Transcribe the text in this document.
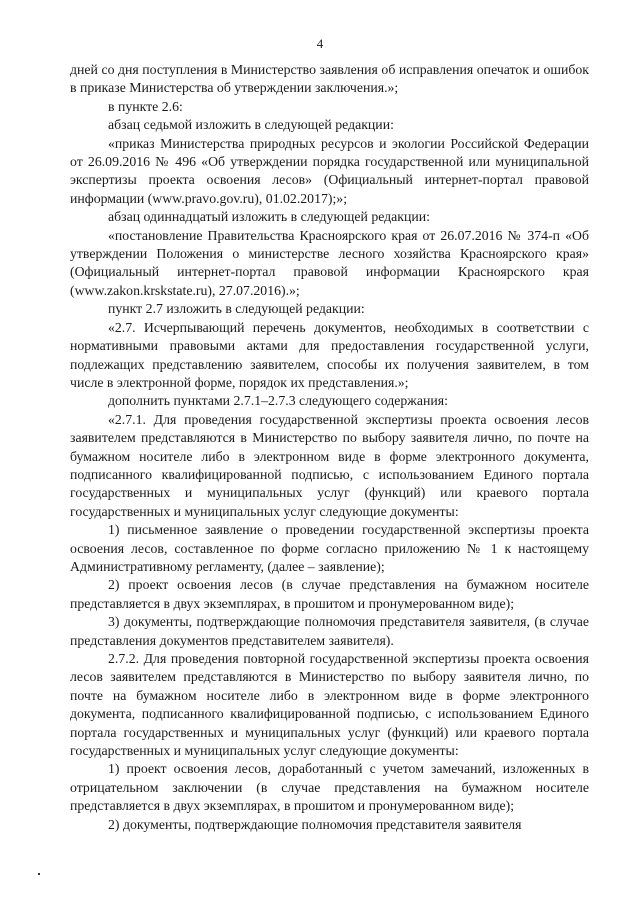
4

дней со дня поступления в Министерство заявления об исправления опечаток и ошибок в приказе Министерства об утверждении заключения.»;

в пункте 2.6:

абзац седьмой изложить в следующей редакции:

«приказ Министерства природных ресурсов и экологии Российской Федерации от 26.09.2016 № 496 «Об утверждении порядка государственной или муниципальной экспертизы проекта освоения лесов» (Официальный интернет-портал правовой информации (www.pravo.gov.ru), 01.02.2017);»;

абзац одиннадцатый изложить в следующей редакции:

«постановление Правительства Красноярского края от 26.07.2016 № 374-п «Об утверждении Положения о министерстве лесного хозяйства Красноярского края» (Официальный интернет-портал правовой информации Красноярского края (www.zakon.krskstate.ru), 27.07.2016).»;

пункт 2.7 изложить в следующей редакции:

«2.7. Исчерпывающий перечень документов, необходимых в соответствии с нормативными правовыми актами для предоставления государственной услуги, подлежащих представлению заявителем, способы их получения заявителем, в том числе в электронной форме, порядок их представления.»;

дополнить пунктами 2.7.1–2.7.3 следующего содержания:

«2.7.1. Для проведения государственной экспертизы проекта освоения лесов заявителем представляются в Министерство по выбору заявителя лично, по почте на бумажном носителе либо в электронном виде в форме электронного документа, подписанного квалифицированной подписью, с использованием Единого портала государственных и муниципальных услуг (функций) или краевого портала государственных и муниципальных услуг следующие документы:

1) письменное заявление о проведении государственной экспертизы проекта освоения лесов, составленное по форме согласно приложению № 1 к настоящему Административному регламенту, (далее – заявление);

2) проект освоения лесов (в случае представления на бумажном носителе представляется в двух экземплярах, в прошитом и пронумерованном виде);

3) документы, подтверждающие полномочия представителя заявителя, (в случае представления документов представителем заявителя).

2.7.2. Для проведения повторной государственной экспертизы проекта освоения лесов заявителем представляются в Министерство по выбору заявителя лично, по почте на бумажном носителе либо в электронном виде в форме электронного документа, подписанного квалифицированной подписью, с использованием Единого портала государственных и муниципальных услуг (функций) или краевого портала государственных и муниципальных услуг следующие документы:

1) проект освоения лесов, доработанный с учетом замечаний, изложенных в отрицательном заключении (в случае представления на бумажном носителе представляется в двух экземплярах, в прошитом и пронумерованном виде);

2) документы, подтверждающие полномочия представителя заявителя
